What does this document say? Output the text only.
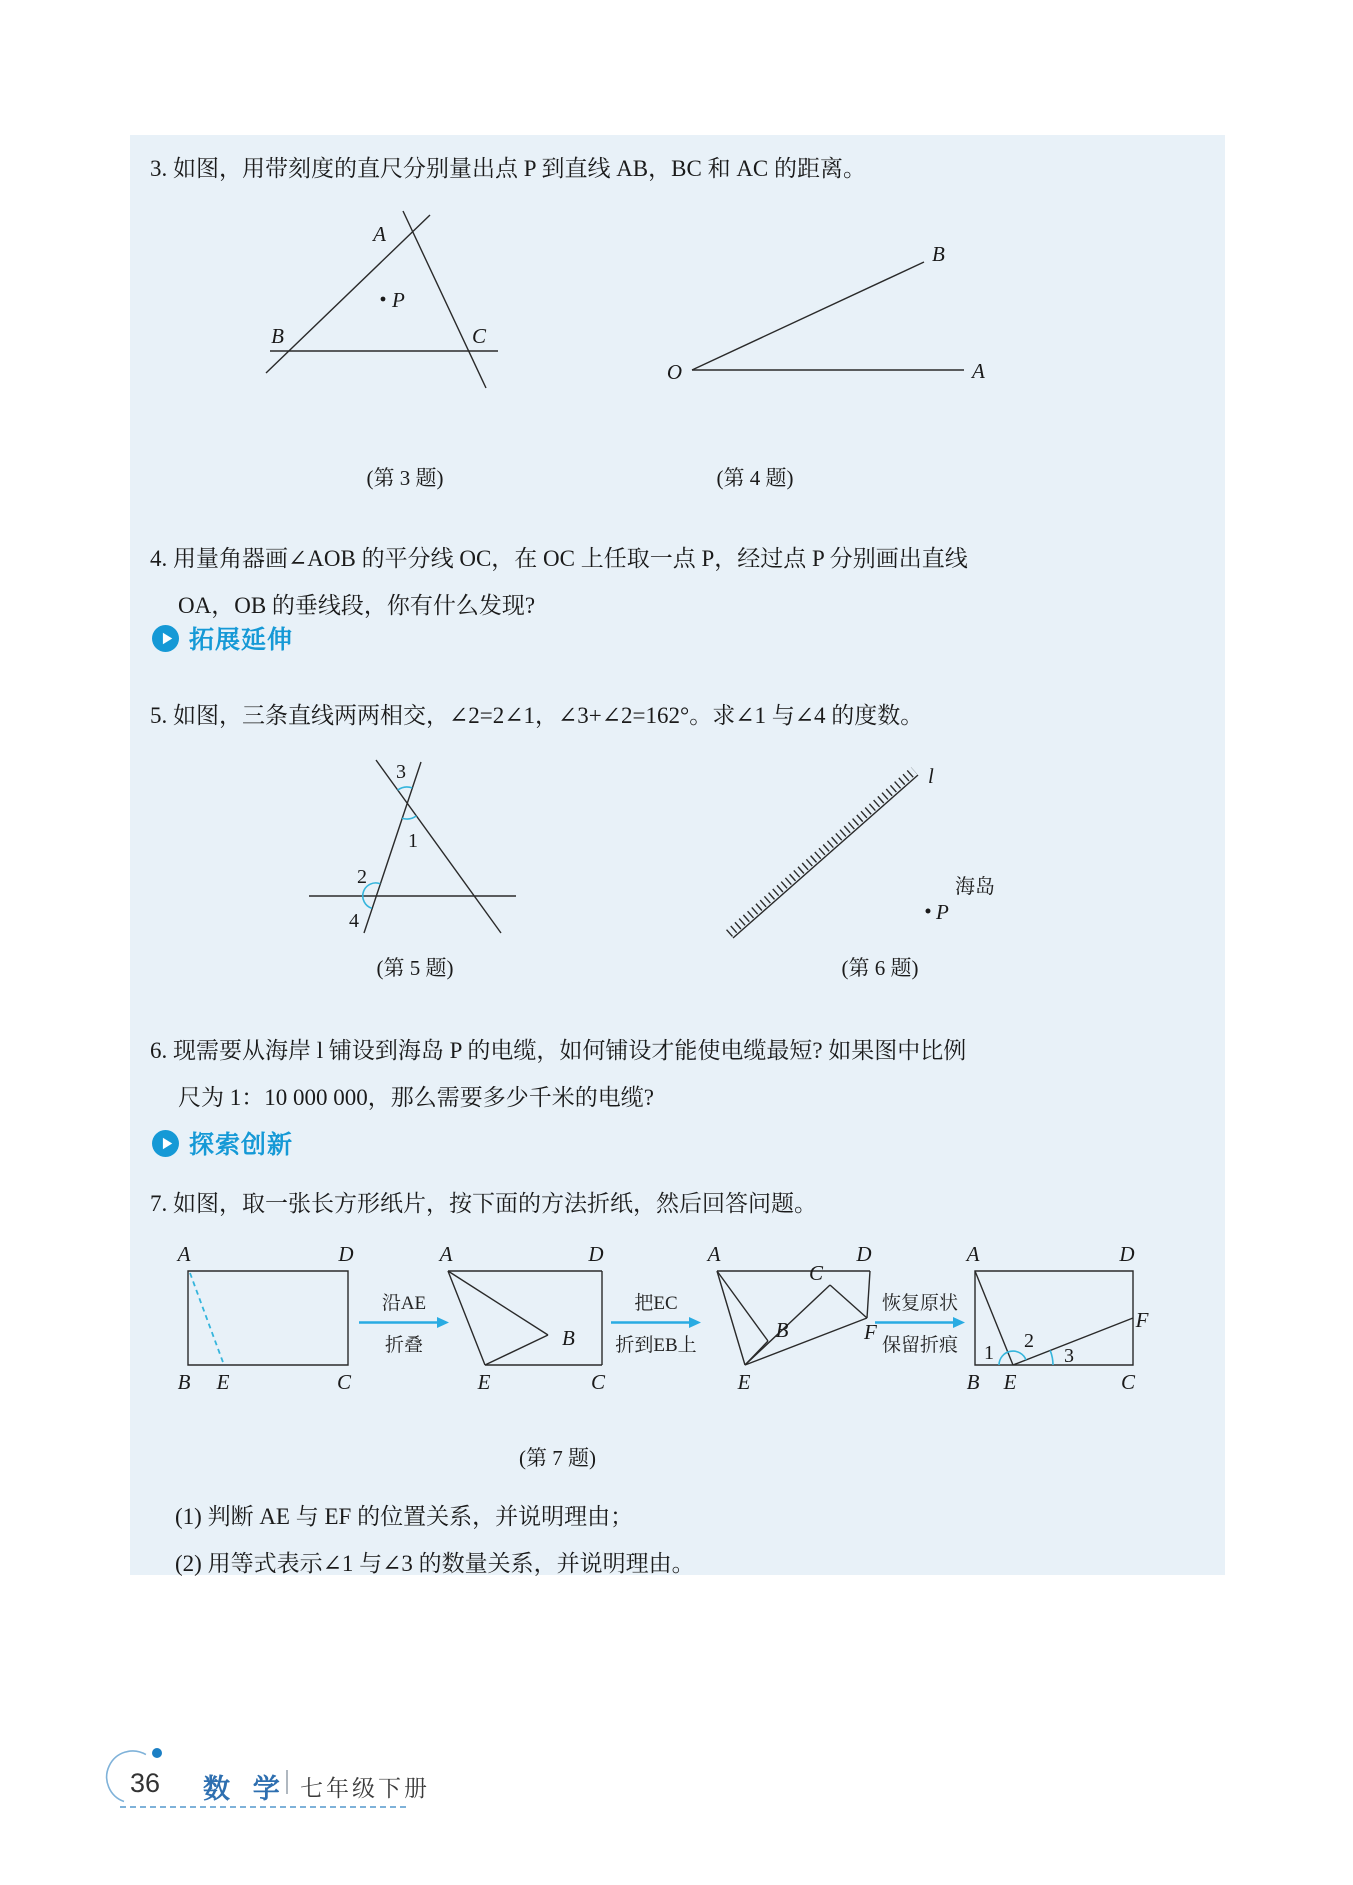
3. 如图，用带刻度的直尺分别量出点 P 到直线 AB，BC 和 AC 的距离。
A
B	C
P
O	A
B
(第 3 题)	(第 4 题)
4. 用量角器画∠AOB 的平分线 OC，在 OC 上任取一点 P，经过点 P 分别画出直线
OA，OB 的垂线段，你有什么发现?
拓展延伸
5. 如图，三条直线两两相交，∠2=2∠1，∠3+∠2=162°。求∠1 与∠4 的度数。
3
1
2
4
l
P
海岛
(第 5 题)	(第 6 题)
6. 现需要从海岸 l 铺设到海岛 P 的电缆，如何铺设才能使电缆最短? 如果图中比例
尺为 1：10 000 000，那么需要多少千米的电缆?
探索创新
7. 如图，取一张长方形纸片，按下面的方法折纸，然后回答问题。
A	D
B E	C
沿AE
折叠
A	D
B
E	C
把EC
折到EB上
A	D
C
B	F
E
恢复原状
保留折痕
A	D
B E	C
F
1
2
3
(第 7 题)
(1) 判断 AE 与 EF 的位置关系，并说明理由；
(2) 用等式表示∠1 与∠3 的数量关系，并说明理由。
36 数 学 七年级下册
